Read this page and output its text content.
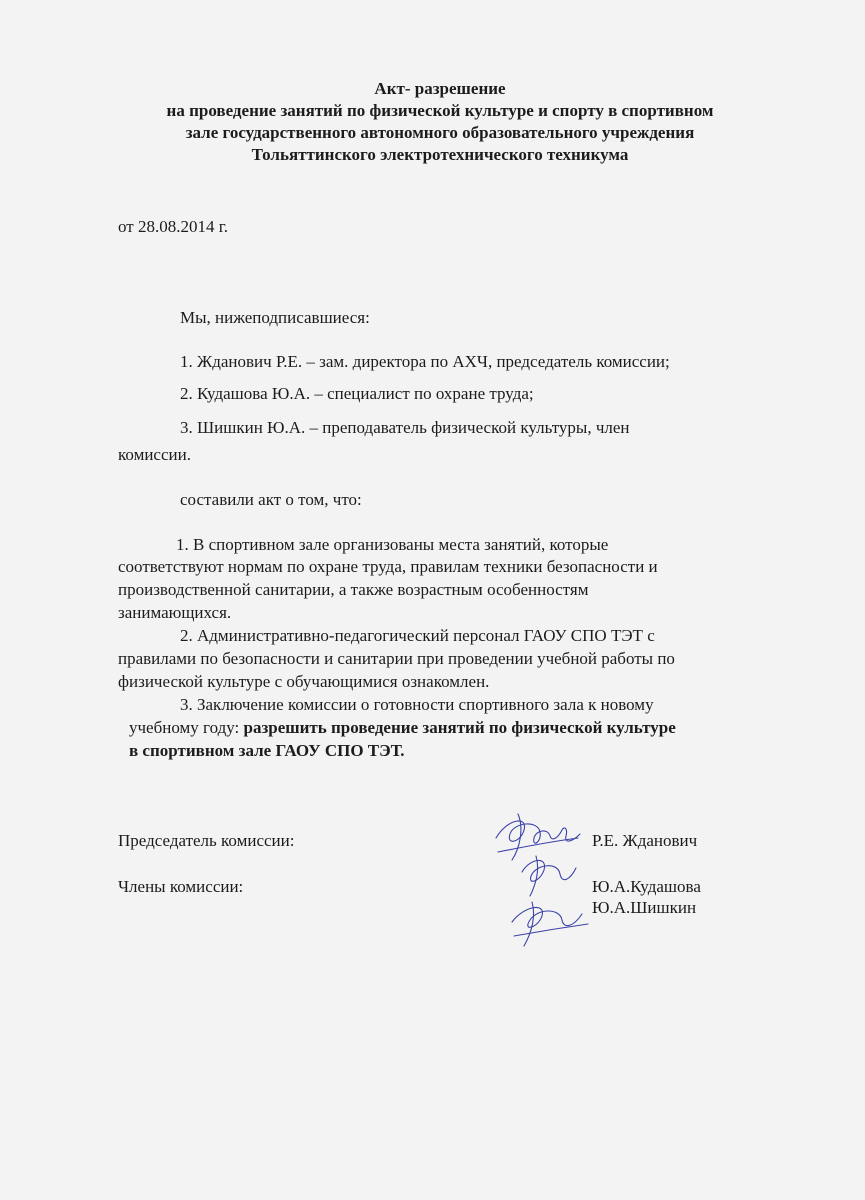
Акт- разрешение
на проведение занятий по физической культуре и спорту в спортивном
зале государственного автономного образовательного учреждения
Тольяттинского электротехнического техникума
от 28.08.2014 г.
Мы, нижеподписавшиеся:
1. Жданович Р.Е. – зам. директора по АХЧ, председатель комиссии;
2. Кудашова Ю.А. – специалист по охране труда;
3. Шишкин Ю.А. – преподаватель физической культуры, член
комиссии.
составили акт о том, что:
1. В спортивном зале организованы места занятий, которые
соответствуют нормам по охране труда, правилам техники безопасности и
производственной санитарии, а также возрастным особенностям
занимающихся.
2. Административно-педагогический персонал ГАОУ СПО ТЭТ с
правилами по безопасности и санитарии при проведении учебной работы по
физической культуре с обучающимися ознакомлен.
3. Заключение комиссии о готовности спортивного зала к новому
учебному году: разрешить проведение занятий по физической культуре
в спортивном зале ГАОУ СПО ТЭТ.
Председатель комиссии:	Р.Е. Жданович
Члены комиссии:	Ю.А.Кудашова
Ю.А.Шишкин
